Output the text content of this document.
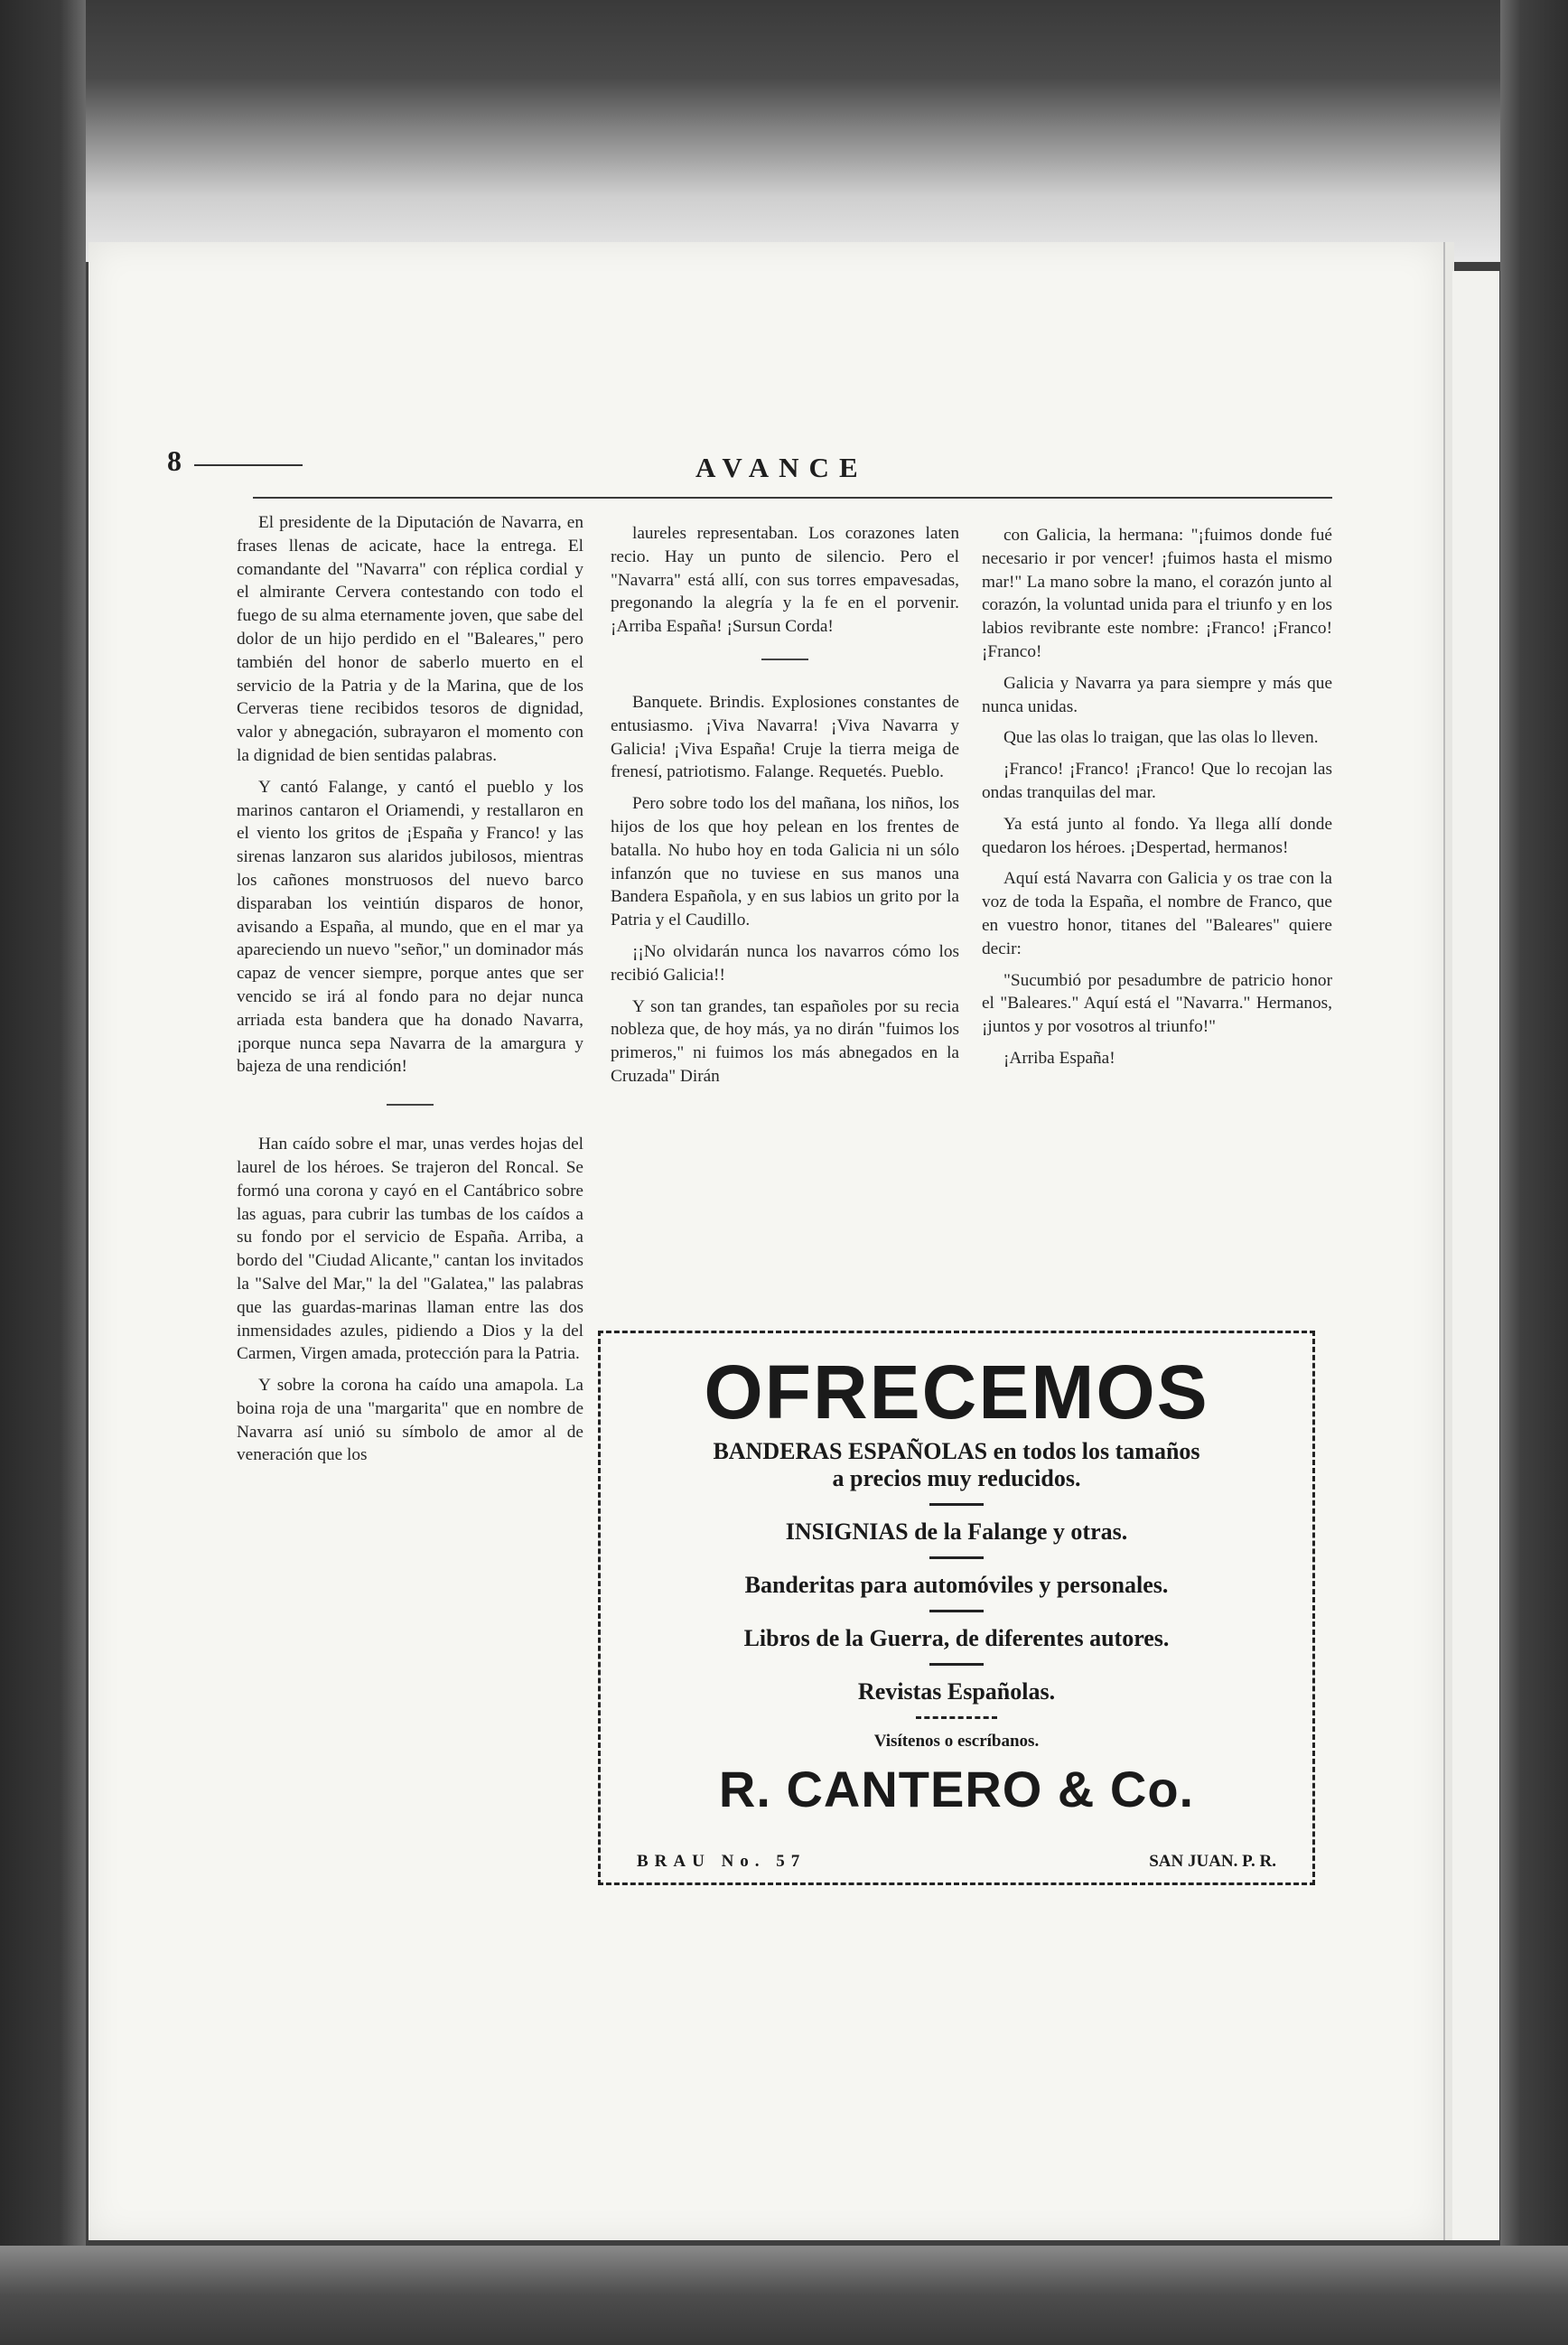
8	AVANCE

El presidente de la Diputación de Navarra, en frases llenas de acicate, hace la entrega. El comandante del "Navarra" con réplica cordial y el almirante Cervera contestando con todo el fuego de su alma eternamente joven, que sabe del dolor de un hijo perdido en el "Baleares," pero también del honor de saberlo muerto en el servicio de la Patria y de la Marina, que de los Cerveras tiene recibidos tesoros de dignidad, valor y abnegación, subrayaron el momento con la dignidad de bien sentidas palabras.

Y cantó Falange, y cantó el pueblo y los marinos cantaron el Oriamendi, y restallaron en el viento los gritos de ¡España y Franco! y las sirenas lanzaron sus alaridos jubilosos, mientras los cañones monstruosos del nuevo barco disparaban los veintiún disparos de honor, avisando a España, al mundo, que en el mar ya apareciendo un nuevo "señor," un dominador más capaz de vencer siempre, porque antes que ser vencido se irá al fondo para no dejar nunca arriada esta bandera que ha donado Navarra, ¡porque nunca sepa Navarra de la amargura y bajeza de una rendición!

Han caído sobre el mar, unas verdes hojas del laurel de los héroes. Se trajeron del Roncal. Se formó una corona y cayó en el Cantábrico sobre las aguas, para cubrir las tumbas de los caídos a su fondo por el servicio de España. Arriba, a bordo del "Ciudad Alicante," cantan los invitados la "Salve del Mar," la del "Galatea," las palabras que las guardas-marinas llaman entre las dos inmensidades azules, pidiendo a Dios y la del Carmen, Virgen amada, protección para la Patria.

Y sobre la corona ha caído una amapola. La boina roja de una "margarita" que en nombre de Navarra así unió su símbolo de amor al de veneración que los

laureles representaban. Los corazones laten recio. Hay un punto de silencio. Pero el "Navarra" está allí, con sus torres empavesadas, pregonando la alegría y la fe en el porvenir. ¡Arriba España! ¡Sursun Corda!

Banquete. Brindis. Explosiones constantes de entusiasmo. ¡Viva Navarra! ¡Viva Navarra y Galicia! ¡Viva España! Cruje la tierra meiga de frenesí, patriotismo. Falange. Requetés. Pueblo.

Pero sobre todo los del mañana, los niños, los hijos de los que hoy pelean en los frentes de batalla. No hubo hoy en toda Galicia ni un sólo infanzón que no tuviese en sus manos una Bandera Española, y en sus labios un grito por la Patria y el Caudillo.

¡¡No olvidarán nunca los navarros cómo los recibió Galicia!!

Y son tan grandes, tan españoles por su recia nobleza que, de hoy más, ya no dirán "fuimos los primeros," ni fuimos los más abnegados en la Cruzada" Dirán

con Galicia, la hermana: "¡fuimos donde fué necesario ir por vencer! ¡fuimos hasta el mismo mar!" La mano sobre la mano, el corazón junto al corazón, la voluntad unida para el triunfo y en los labios revibrante este nombre: ¡Franco! ¡Franco! ¡Franco!

Galicia y Navarra ya para siempre y más que nunca unidas.

Que las olas lo traigan, que las olas lo lleven.

¡Franco! ¡Franco! ¡Franco! Que lo recojan las ondas tranquilas del mar.

Ya está junto al fondo. Ya llega allí donde quedaron los héroes. ¡Despertad, hermanos!

Aquí está Navarra con Galicia y os trae con la voz de toda la España, el nombre de Franco, que en vuestro honor, titanes del "Baleares" quiere decir:

"Sucumbió por pesadumbre de patricio honor el "Baleares." Aquí está el "Navarra." Hermanos, ¡juntos y por vosotros al triunfo!"

¡Arriba España!

OFRECEMOS
BANDERAS ESPAÑOLAS en todos los tamaños
a precios muy reducidos.
INSIGNIAS de la Falange y otras.
Banderitas para automóviles y personales.
Libros de la Guerra, de diferentes autores.
Revistas Españolas.
Visítenos o escríbanos.
R. CANTERO & Co.
BRAU No. 57	SAN JUAN. P. R.
